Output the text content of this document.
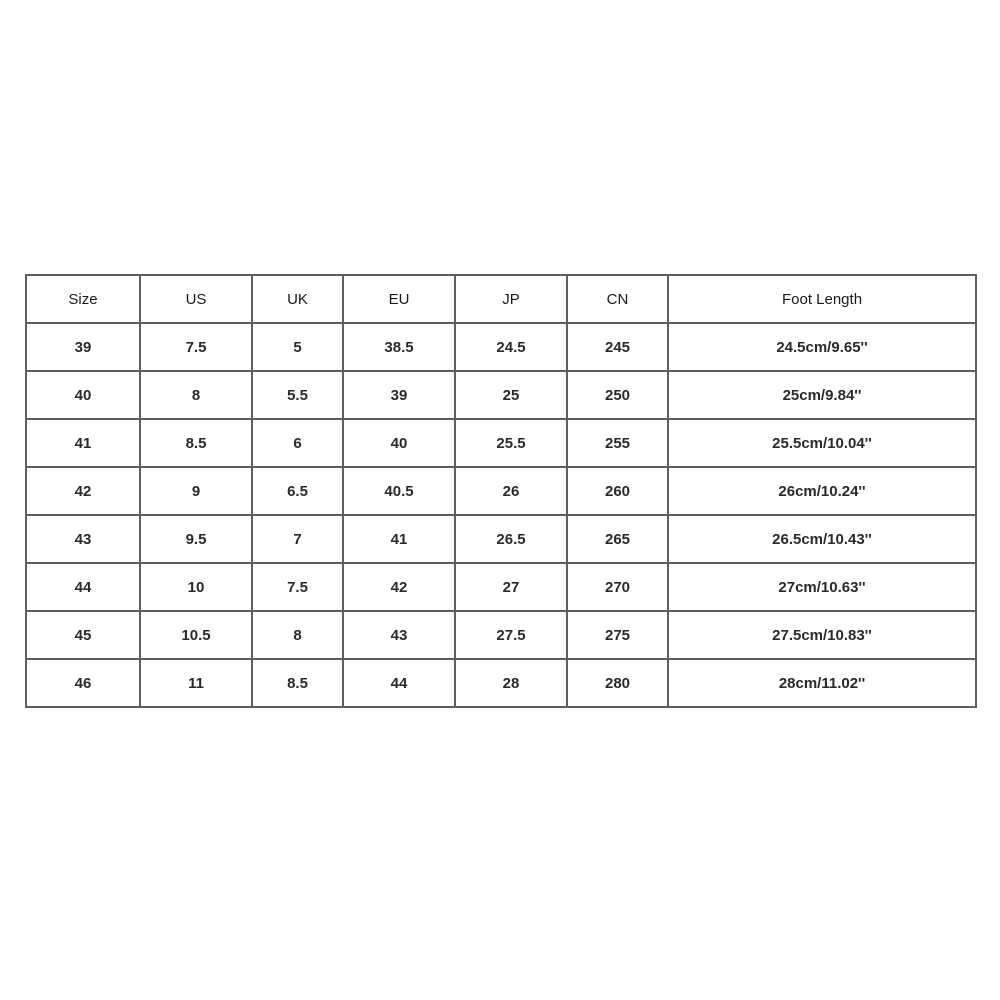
Size	US	UK	EU	JP	CN	Foot Length
39	7.5	5	38.5	24.5	245	24.5cm/9.65''
40	8	5.5	39	25	250	25cm/9.84''
41	8.5	6	40	25.5	255	25.5cm/10.04''
42	9	6.5	40.5	26	260	26cm/10.24''
43	9.5	7	41	26.5	265	26.5cm/10.43''
44	10	7.5	42	27	270	27cm/10.63''
45	10.5	8	43	27.5	275	27.5cm/10.83''
46	11	8.5	44	28	280	28cm/11.02''
